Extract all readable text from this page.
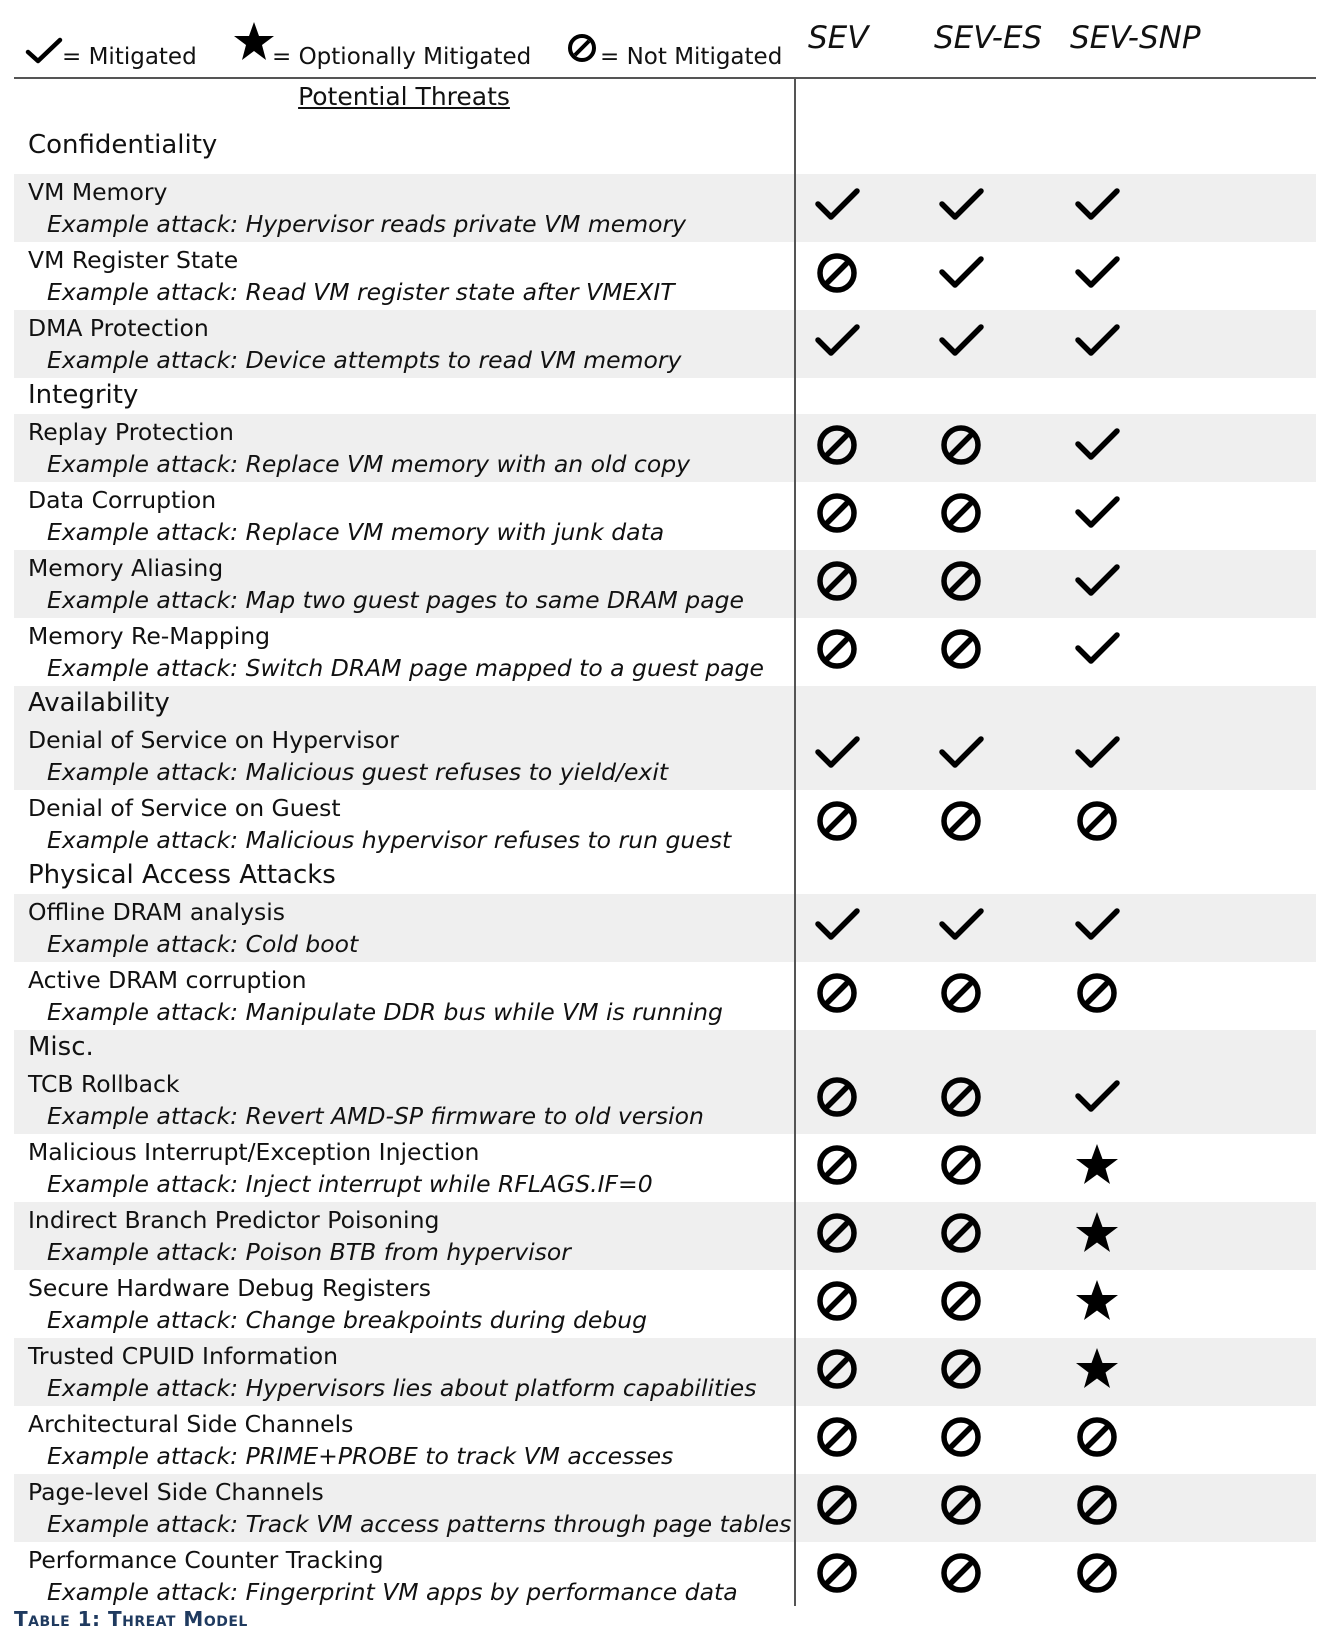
= Mitigated	= Optionally Mitigated	= Not Mitigated
SEV SEV-ES SEV-SNP
Potential Threats
Confidentiality
VM Memory
Example attack: Hypervisor reads private VM memory
VM Register State
Example attack: Read VM register state after VMEXIT
DMA Protection
Example attack: Device attempts to read VM memory
Integrity
Replay Protection
Example attack: Replace VM memory with an old copy
Data Corruption
Example attack: Replace VM memory with junk data
Memory Aliasing
Example attack: Map two guest pages to same DRAM page
Memory Re-Mapping
Example attack: Switch DRAM page mapped to a guest page
Availability
Denial of Service on Hypervisor
Example attack: Malicious guest refuses to yield/exit
Denial of Service on Guest
Example attack: Malicious hypervisor refuses to run guest
Physical Access Attacks
Offline DRAM analysis
Example attack: Cold boot
Active DRAM corruption
Example attack: Manipulate DDR bus while VM is running
Misc.
TCB Rollback
Example attack: Revert AMD-SP firmware to old version
Malicious Interrupt/Exception Injection
Example attack: Inject interrupt while RFLAGS.IF=0
Indirect Branch Predictor Poisoning
Example attack: Poison BTB from hypervisor
Secure Hardware Debug Registers
Example attack: Change breakpoints during debug
Trusted CPUID Information
Example attack: Hypervisors lies about platform capabilities
Architectural Side Channels
Example attack: PRIME+PROBE to track VM accesses
Page-level Side Channels
Example attack: Track VM access patterns through page tables
Performance Counter Tracking
Example attack: Fingerprint VM apps by performance data
Table 1: Threat Model
